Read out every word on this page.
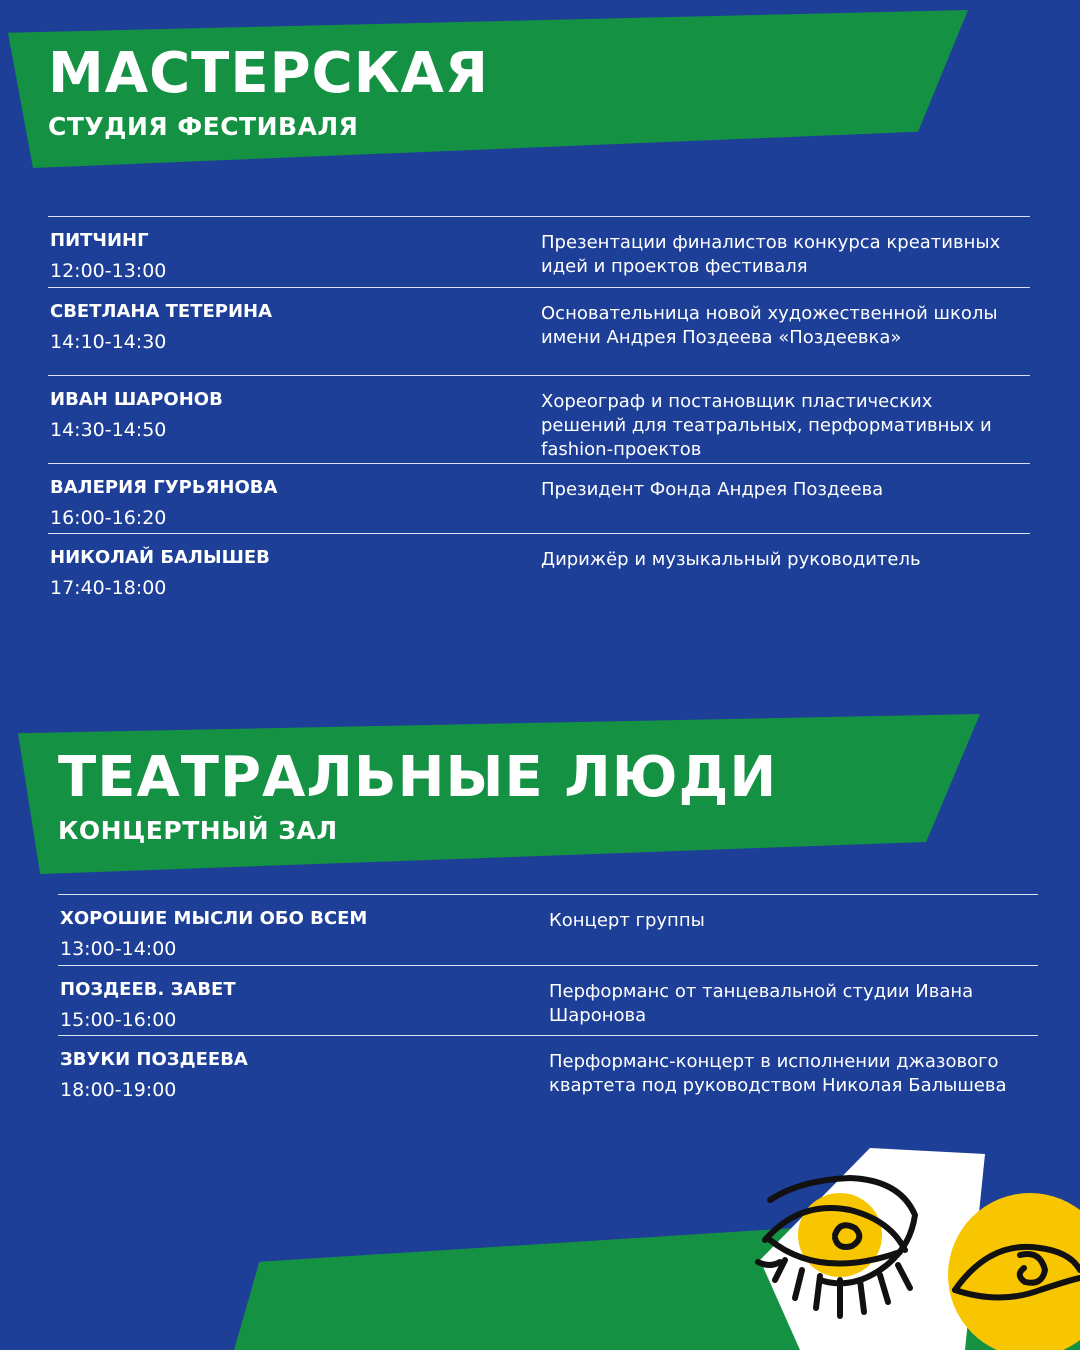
МАСТЕРСКАЯ
СТУДИЯ ФЕСТИВАЛЯ
ПИТЧИНГ
12:00-13:00
Презентации финалистов конкурса креативных идей и проектов фестиваля
СВЕТЛАНА ТЕТЕРИНА
14:10-14:30
Основательница новой художественной школы имени Андрея Поздеева «Поздеевка»
ИВАН ШАРОНОВ
14:30-14:50
Хореограф и постановщик пластических решений для театральных, перформативных и fashion-проектов
ВАЛЕРИЯ ГУРЬЯНОВА
16:00-16:20
Президент Фонда Андрея Поздеева
НИКОЛАЙ БАЛЫШЕВ
17:40-18:00
Дирижёр и музыкальный руководитель
ТЕАТРАЛЬНЫЕ ЛЮДИ
КОНЦЕРТНЫЙ ЗАЛ
ХОРОШИЕ МЫСЛИ ОБО ВСЕМ
13:00-14:00
Концерт группы
ПОЗДЕЕВ. ЗАВЕТ
15:00-16:00
Перформанс от танцевальной студии Ивана Шаронова
ЗВУКИ ПОЗДЕЕВА
18:00-19:00
Перформанс-концерт в исполнении джазового квартета под руководством Николая Балышева
